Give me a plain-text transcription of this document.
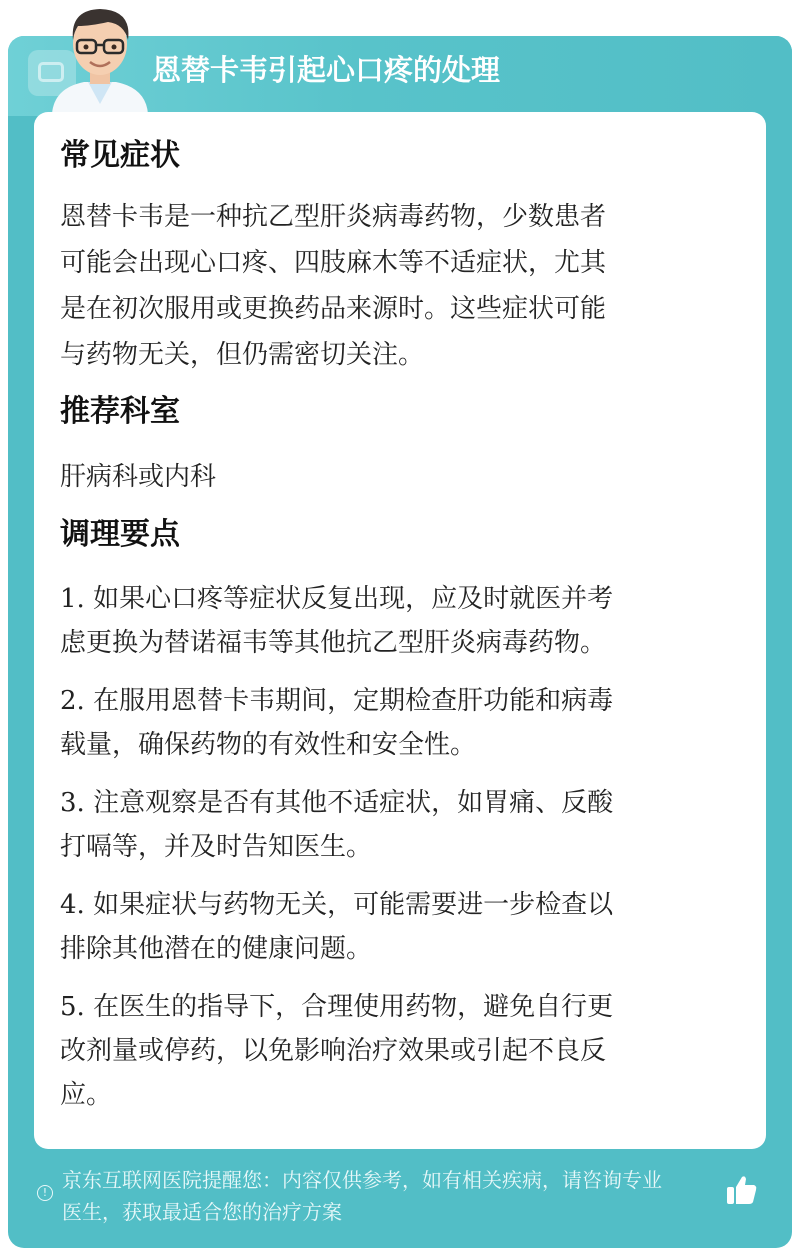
恩替卡韦引起心口疼的处理
常见症状

恩替卡韦是一种抗乙型肝炎病毒药物，少数患者

可能会出现心口疼、四肢麻木等不适症状，尤其

是在初次服用或更换药品来源时。这些症状可能

与药物无关，但仍需密切关注。

推荐科室

肝病科或内科

调理要点

1. 如果心口疼等症状反复出现，应及时就医并考

虑更换为替诺福韦等其他抗乙型肝炎病毒药物。

2. 在服用恩替卡韦期间，定期检查肝功能和病毒

载量，确保药物的有效性和安全性。

3. 注意观察是否有其他不适症状，如胃痛、反酸

打嗝等，并及时告知医生。

4. 如果症状与药物无关，可能需要进一步检查以

排除其他潜在的健康问题。

5. 在医生的指导下，合理使用药物，避免自行更

改剂量或停药，以免影响治疗效果或引起不良反

应。

!
京东互联网医院提醒您：内容仅供参考，如有相关疾病，请咨询专业
医生，获取最适合您的治疗方案
